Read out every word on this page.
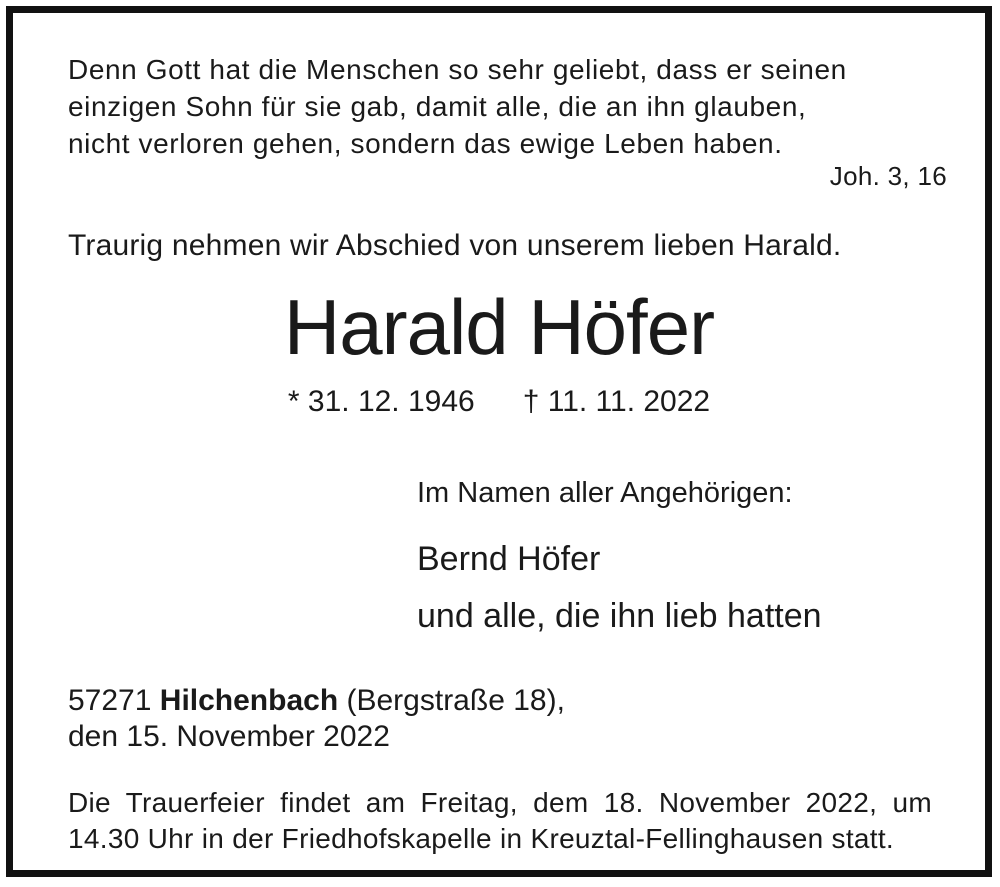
Denn Gott hat die Menschen so sehr geliebt, dass er seinen
einzigen Sohn für sie gab, damit alle, die an ihn glauben,
nicht verloren gehen, sondern das ewige Leben haben.

Joh. 3, 16

Traurig nehmen wir Abschied von unserem lieben Harald.

Harald Höfer

* 31. 12. 1946 † 11. 11. 2022

Im Namen aller Angehörigen:
Bernd Höfer
und alle, die ihn lieb hatten

57271 Hilchenbach (Bergstraße 18),
den 15. November 2022

Die Trauerfeier findet am Freitag, dem 18. November 2022, um
14.30 Uhr in der Friedhofskapelle in Kreuztal-Fellinghausen statt.
